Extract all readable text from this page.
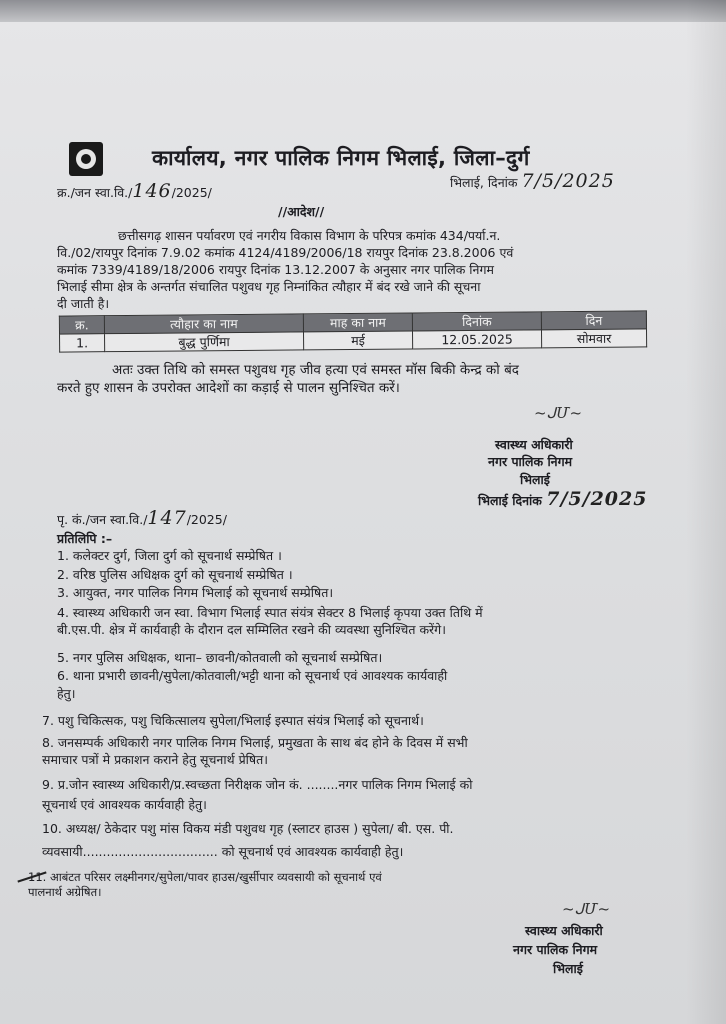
कार्यालय, नगर पालिक निगम भिलाई, जिला–दुर्ग
क्र./जन स्वा.वि./146/2025/
भिलाई, दिनांक 7/5/2025
//आदेश//
छत्तीसगढ़ शासन पर्यावरण एवं नगरीय विकास विभाग के परिपत्र कमांक 434/पर्या.न.
वि./02/रायपुर दिनांक 7.9.02 कमांक 4124/4189/2006/18 रायपुर दिनांक 23.8.2006 एवं
कमांक 7339/4189/18/2006 रायपुर दिनांक 13.12.2007 के अनुसार नगर पालिक निगम
भिलाई सीमा क्षेत्र के अन्तर्गत संचालित पशुवध गृह निम्नांकित त्यौहार में बंद रखे जाने की सूचना
दी जाती है।
क्र.	त्यौहार का नाम	माह का नाम	दिनांक	दिन
1.	बुद्ध पुर्णिमा	मई	12.05.2025	सोमवार
अतः उक्त तिथि को समस्त पशुवध गृह जीव हत्या एवं समस्त मॉस बिकी केन्द्र को बंद
करते हुए शासन के उपरोक्त आदेशों का कड़ाई से पालन सुनिश्चित करें।
~ᒍՄ~
स्वास्थ्य अधिकारी
नगर पालिक निगम
भिलाई
भिलाई दिनांक 7/5/2025
पृ. कं./जन स्वा.वि./147/2025/
प्रतिलिपि :–
1. कलेक्टर दुर्ग, जिला दुर्ग को सूचनार्थ सम्प्रेषित ।
2. वरिष्ठ पुलिस अधिक्षक दुर्ग को सूचनार्थ सम्प्रेषित ।
3. आयुक्त, नगर पालिक निगम भिलाई को सूचनार्थ सम्प्रेषित।
4. स्वास्थ्य अधिकारी जन स्वा. विभाग भिलाई स्पात संयंत्र सेक्टर 8 भिलाई कृपया उक्त तिथि में
बी.एस.पी. क्षेत्र में कार्यवाही के दौरान दल सम्मिलित रखने की व्यवस्था सुनिश्चित करेंगे।
5. नगर पुलिस अधिक्षक, थाना– छावनी/कोतवाली को सूचनार्थ सम्प्रेषित।
6. थाना प्रभारी छावनी/सुपेला/कोतवाली/भट्टी थाना को सूचनार्थ एवं आवश्यक कार्यवाही
हेतु।
7. पशु चिकित्सक, पशु चिकित्सालय सुपेला/भिलाई इस्पात संयंत्र भिलाई को सूचनार्थ।
8. जनसम्पर्क अधिकारी नगर पालिक निगम भिलाई, प्रमुखता के साथ बंद होने के दिवस में सभी
समाचार पत्रों मे प्रकाशन कराने हेतु सूचनार्थ प्रेषित।
9. प्र.जोन स्वास्थ्य अधिकारी/प्र.स्वच्छता निरीक्षक जोन कं. ........नगर पालिक निगम भिलाई को
सूचनार्थ एवं आवश्यक कार्यवाही हेतु।
10. अध्यक्ष/ ठेकेदार पशु मांस विकय मंडी पशुवध गृह (स्लाटर हाउस ) सुपेला/ बी. एस. पी.
व्यवसायी.................................. को सूचनार्थ एवं आवश्यक कार्यवाही हेतु।
11. आबंटत परिसर लक्ष्मीनगर/सुपेला/पावर हाउस/खुर्सीपार व्यवसायी को सूचनार्थ एवं
पालनार्थ अग्रेषित।
~ᒍՄ~
स्वास्थ्य अधिकारी
नगर पालिक निगम
भिलाई
